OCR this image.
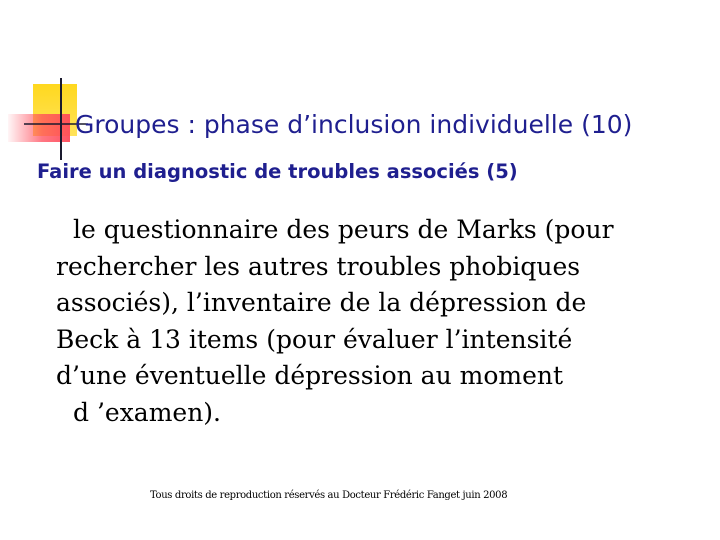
Groupes : phase d’inclusion individuelle (10)
Faire un diagnostic de troubles associés (5)
le questionnaire des peurs de Marks (pour
rechercher les autres troubles phobiques
associés), l’inventaire de la dépression de
Beck à 13 items (pour évaluer l’intensité
d’une éventuelle dépression au moment
d ’examen).
Tous droits de reproduction réservés au Docteur Frédéric Fanget juin 2008
